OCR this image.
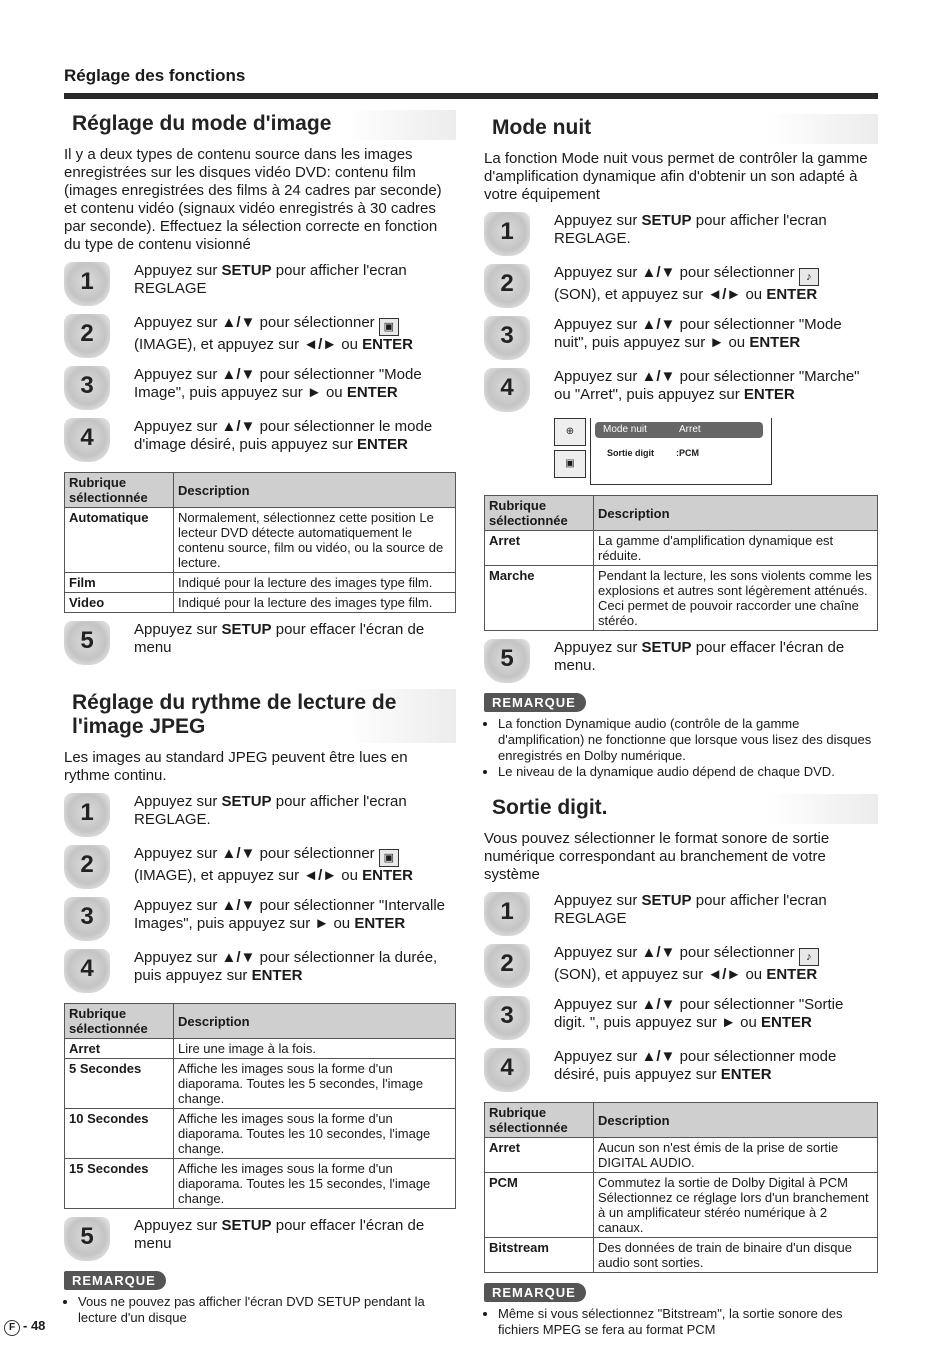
Réglage des fonctions
Réglage du mode d'image

Il y a deux types de contenu source dans les images enregistrées sur les disques vidéo DVD: contenu film (images enregistrées des films à 24 cadres par seconde) et contenu vidéo (signaux vidéo enregistrés à 30 cadres par seconde). Effectuez la sélection correcte en fonction du type de contenu visionné

1	Appuyez sur SETUP pour afficher l'ecran REGLAGE
2	Appuyez sur ▲/▼ pour sélectionner ▣
(IMAGE), et appuyez sur ◄/► ou ENTER
3	Appuyez sur ▲/▼ pour sélectionner "Mode Image", puis appuyez sur ► ou ENTER
4	Appuyez sur ▲/▼ pour sélectionner le mode d'image désiré, puis appuyez sur ENTER
Rubrique sélectionnée	Description
Automatique	Normalement, sélectionnez cette position Le lecteur DVD détecte automatiquement le contenu source, film ou vidéo, ou la source de lecture.
Film	Indiqué pour la lecture des images type film.
Video	Indiqué pour la lecture des images type film.
5	Appuyez sur SETUP pour effacer l'écran de menu
Réglage du rythme de lecture de l'image JPEG

Les images au standard JPEG peuvent être lues en rythme continu.

1	Appuyez sur SETUP pour afficher l'ecran REGLAGE.
2	Appuyez sur ▲/▼ pour sélectionner ▣
(IMAGE), et appuyez sur ◄/► ou ENTER
3	Appuyez sur ▲/▼ pour sélectionner "Intervalle Images", puis appuyez sur ► ou ENTER
4	Appuyez sur ▲/▼ pour sélectionner la durée, puis appuyez sur ENTER
Rubrique sélectionnée	Description
Arret	Lire une image à la fois.
5 Secondes	Affiche les images sous la forme d'un diaporama. Toutes les 5 secondes, l'image change.
10 Secondes	Affiche les images sous la forme d'un diaporama. Toutes les 10 secondes, l'image change.
15 Secondes	Affiche les images sous la forme d'un diaporama. Toutes les 15 secondes, l'image change.
5	Appuyez sur SETUP pour effacer l'écran de menu
REMARQUE
• Vous ne pouvez pas afficher l'écran DVD SETUP pendant la lecture d'un disque
Mode nuit

La fonction Mode nuit vous permet de contrôler la gamme d'amplification dynamique afin d'obtenir un son adapté à votre équipement

1	Appuyez sur SETUP pour afficher l'ecran REGLAGE.
2	Appuyez sur ▲/▼ pour sélectionner ♪
(SON), et appuyez sur ◄/► ou ENTER
3	Appuyez sur ▲/▼ pour sélectionner "Mode nuit", puis appuyez sur ► ou ENTER
4	Appuyez sur ▲/▼ pour sélectionner "Marche" ou "Arret", puis appuyez sur ENTER
⊕
▣
Mode nuit	Arret
Sortie digit :PCM
Rubrique sélectionnée	Description
Arret	La gamme d'amplification dynamique est réduite.
Marche	Pendant la lecture, les sons violents comme les explosions et autres sont légèrement atténués. Ceci permet de pouvoir raccorder une chaîne stéréo.
5	Appuyez sur SETUP pour effacer l'écran de menu.
REMARQUE
• La fonction Dynamique audio (contrôle de la gamme d'amplification) ne fonctionne que lorsque vous lisez des disques enregistrés en Dolby numérique.
• Le niveau de la dynamique audio dépend de chaque DVD.
Sortie digit.

Vous pouvez sélectionner le format sonore de sortie numérique correspondant au branchement de votre système

1	Appuyez sur SETUP pour afficher l'ecran REGLAGE
2	Appuyez sur ▲/▼ pour sélectionner ♪
(SON), et appuyez sur ◄/► ou ENTER
3	Appuyez sur ▲/▼ pour sélectionner "Sortie digit. ", puis appuyez sur ► ou ENTER
4	Appuyez sur ▲/▼ pour sélectionner mode désiré, puis appuyez sur ENTER
Rubrique sélectionnée	Description
Arret	Aucun son n'est émis de la prise de sortie DIGITAL AUDIO.
PCM	Commutez la sortie de Dolby Digital à PCM Sélectionnez ce réglage lors d'un branchement à un amplificateur stéréo numérique à 2 canaux.
Bitstream	Des données de train de binaire d'un disque audio sont sorties.
REMARQUE
• Même si vous sélectionnez "Bitstream", la sortie sonore des fichiers MPEG se fera au format PCM
F - 48
